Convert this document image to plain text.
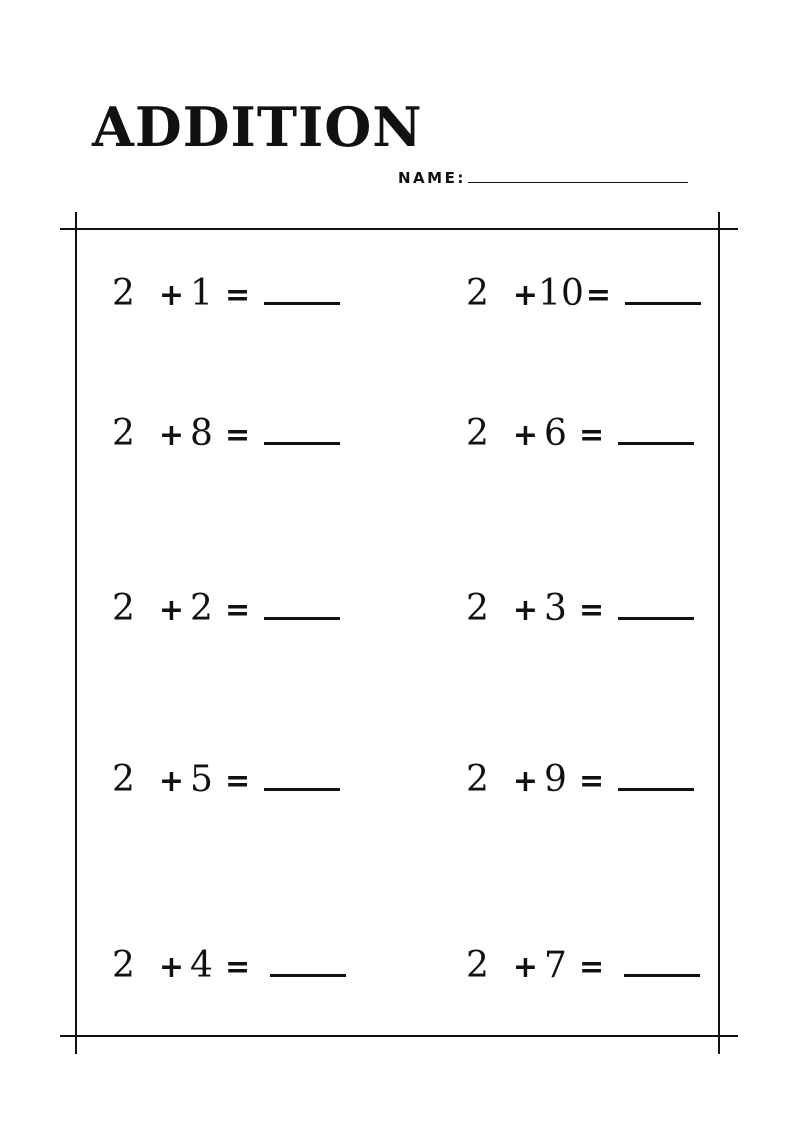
ADDITION
NAME:
2 + 1 =	2 +10=
2 + 8 =	2 + 6 =
2 + 2 =	2 + 3 =
2 + 5 =	2 + 9 =
2 + 4 =	2 + 7 =
